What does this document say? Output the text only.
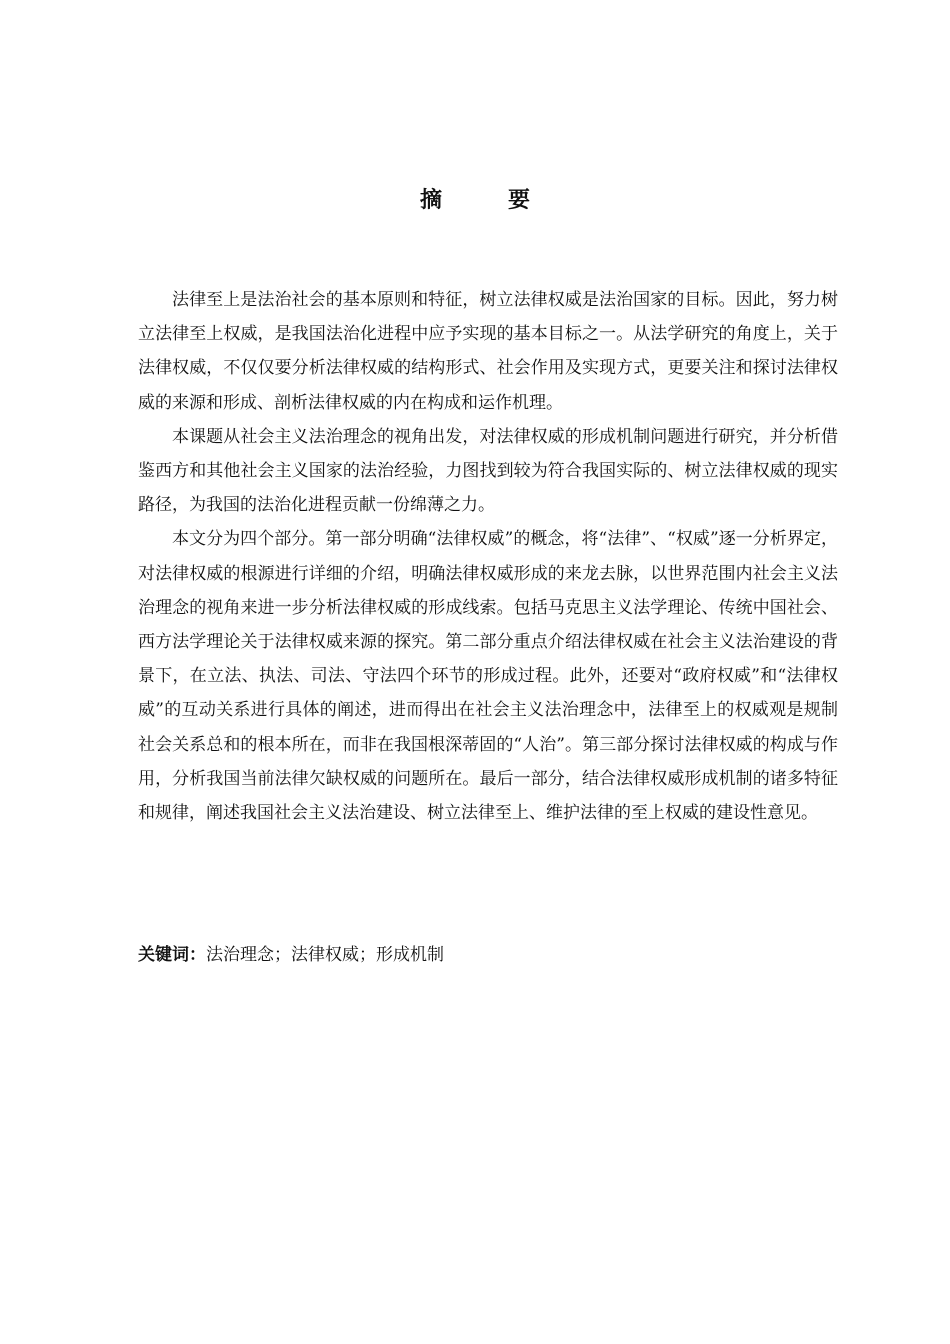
摘　要

法律至上是法治社会的基本原则和特征，树立法律权威是法治国家的目标。因此，努力树立法律至上权威，是我国法治化进程中应予实现的基本目标之一。从法学研究的角度上，关于法律权威，不仅仅要分析法律权威的结构形式、社会作用及实现方式，更要关注和探讨法律权威的来源和形成、剖析法律权威的内在构成和运作机理。

本课题从社会主义法治理念的视角出发，对法律权威的形成机制问题进行研究，并分析借鉴西方和其他社会主义国家的法治经验，力图找到较为符合我国实际的、树立法律权威的现实路径，为我国的法治化进程贡献一份绵薄之力。

本文分为四个部分。第一部分明确“法律权威”的概念，将“法律”、“权威”逐一分析界定，对法律权威的根源进行详细的介绍，明确法律权威形成的来龙去脉，以世界范围内社会主义法治理念的视角来进一步分析法律权威的形成线索。包括马克思主义法学理论、传统中国社会、西方法学理论关于法律权威来源的探究。第二部分重点介绍法律权威在社会主义法治建设的背景下，在立法、执法、司法、守法四个环节的形成过程。此外，还要对“政府权威”和“法律权威”的互动关系进行具体的阐述，进而得出在社会主义法治理念中，法律至上的权威观是规制社会关系总和的根本所在，而非在我国根深蒂固的“人治”。第三部分探讨法律权威的构成与作用，分析我国当前法律欠缺权威的问题所在。最后一部分，结合法律权威形成机制的诸多特征和规律，阐述我国社会主义法治建设、树立法律至上、维护法律的至上权威的建设性意见。

关键词：法治理念；法律权威；形成机制
